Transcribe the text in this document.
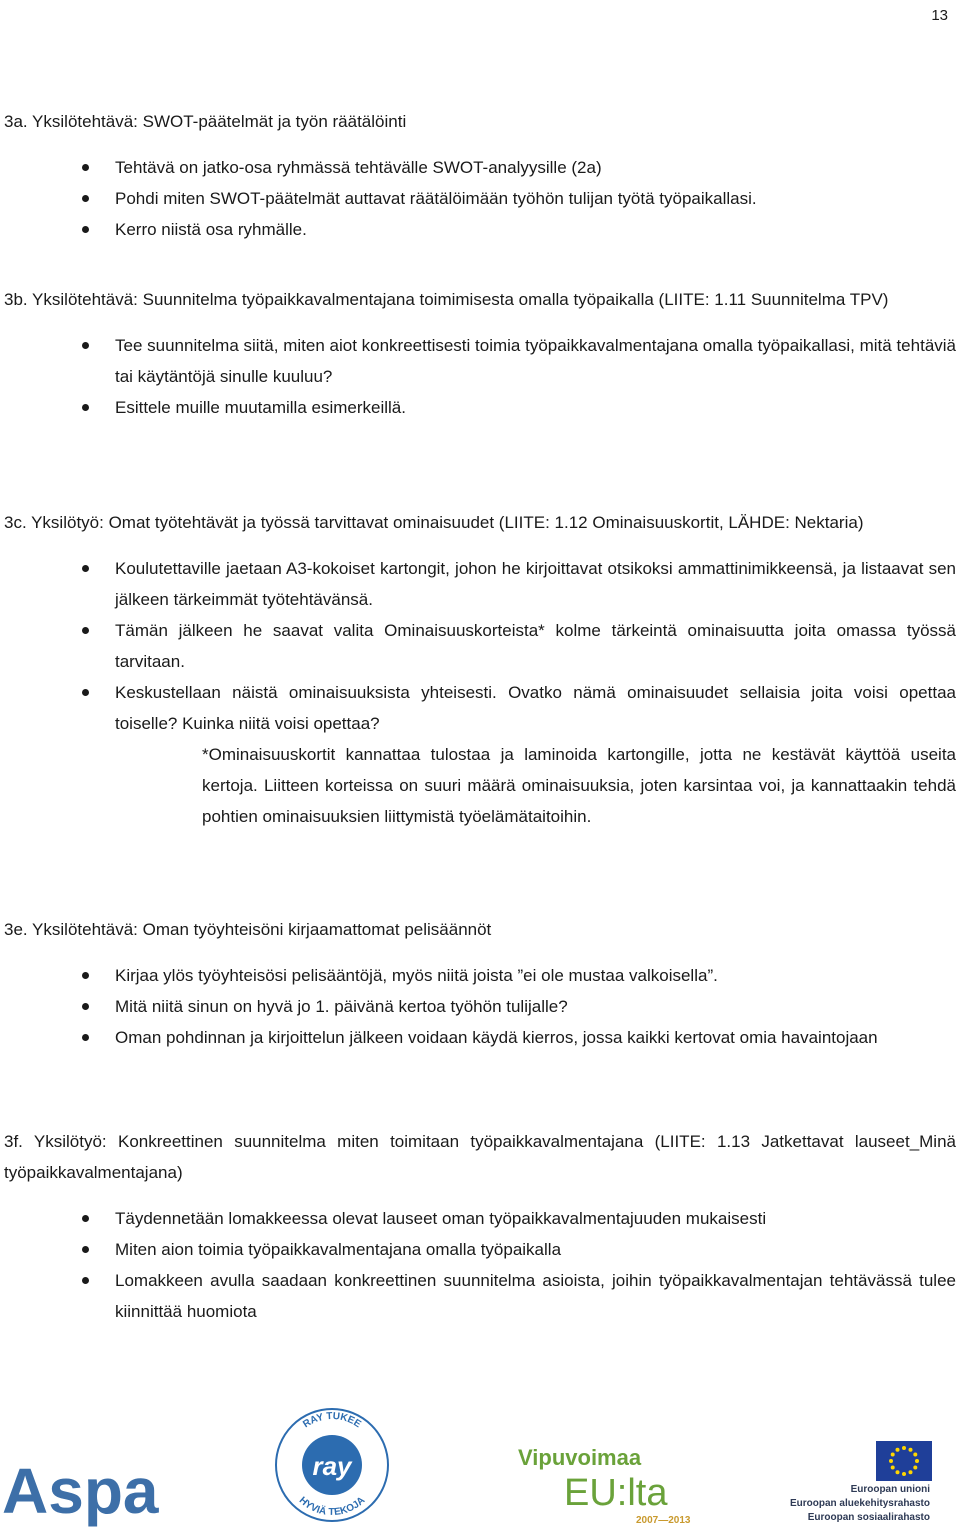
13

3a. Yksilötehtävä: SWOT-päätelmät ja työn räätälöinti

Tehtävä on jatko-osa ryhmässä tehtävälle SWOT-analyysille (2a)
Pohdi miten SWOT-päätelmät auttavat räätälöimään työhön tulijan työtä työpaikallasi.
Kerro niistä osa ryhmälle.

3b. Yksilötehtävä: Suunnitelma työpaikkavalmentajana toimimisesta omalla työpaikalla (LIITE: 1.11 Suunnitelma TPV)

Tee suunnitelma siitä, miten aiot konkreettisesti toimia työpaikkavalmentajana omalla työpaikallasi, mitä tehtäviä tai käytäntöjä sinulle kuuluu?
Esittele muille muutamilla esimerkeillä.

3c. Yksilötyö: Omat työtehtävät ja työssä tarvittavat ominaisuudet (LIITE: 1.12 Ominaisuuskortit, LÄHDE: Nektaria)

Koulutettaville jaetaan A3-kokoiset kartongit, johon he kirjoittavat otsikoksi ammattinimikkeensä, ja listaavat sen jälkeen tärkeimmät työtehtävänsä.
Tämän jälkeen he saavat valita Ominaisuuskorteista* kolme tärkeintä ominaisuutta joita omassa työssä tarvitaan.
Keskustellaan näistä ominaisuuksista yhteisesti. Ovatko nämä ominaisuudet sellaisia joita voisi opettaa toiselle? Kuinka niitä voisi opettaa?

*Ominaisuuskortit kannattaa tulostaa ja laminoida kartongille, jotta ne kestävät käyttöä useita kertoja. Liitteen korteissa on suuri määrä ominaisuuksia, joten karsintaa voi, ja kannattaakin tehdä pohtien ominaisuuksien liittymistä työelämätaitoihin.

3e. Yksilötehtävä: Oman työyhteisöni kirjaamattomat pelisäännöt

Kirjaa ylös työyhteisösi pelisääntöjä, myös niitä joista ”ei ole mustaa valkoisella”.
Mitä niitä sinun on hyvä jo 1. päivänä kertoa työhön tulijalle?
Oman pohdinnan ja kirjoittelun jälkeen voidaan käydä kierros, jossa kaikki kertovat omia havaintojaan

3f. Yksilötyö: Konkreettinen suunnitelma miten toimitaan työpaikkavalmentajana (LIITE: 1.13 Jatkettavat lauseet_Minä työpaikkavalmentajana)

Täydennetään lomakkeessa olevat lauseet oman työpaikkavalmentajuuden mukaisesti
Miten aion toimia työpaikkavalmentajana omalla työpaikalla
Lomakkeen avulla saadaan konkreettinen suunnitelma asioista, joihin työpaikkavalmentajan tehtävässä tulee kiinnittää huomiota
Aspa	ray
RAY TUKEE
HYVIÄ TEKOJA
Vipuvoimaa
EU:lta
2007—2013
Euroopan unioni
Euroopan aluekehitysrahasto
Euroopan sosiaalirahasto
